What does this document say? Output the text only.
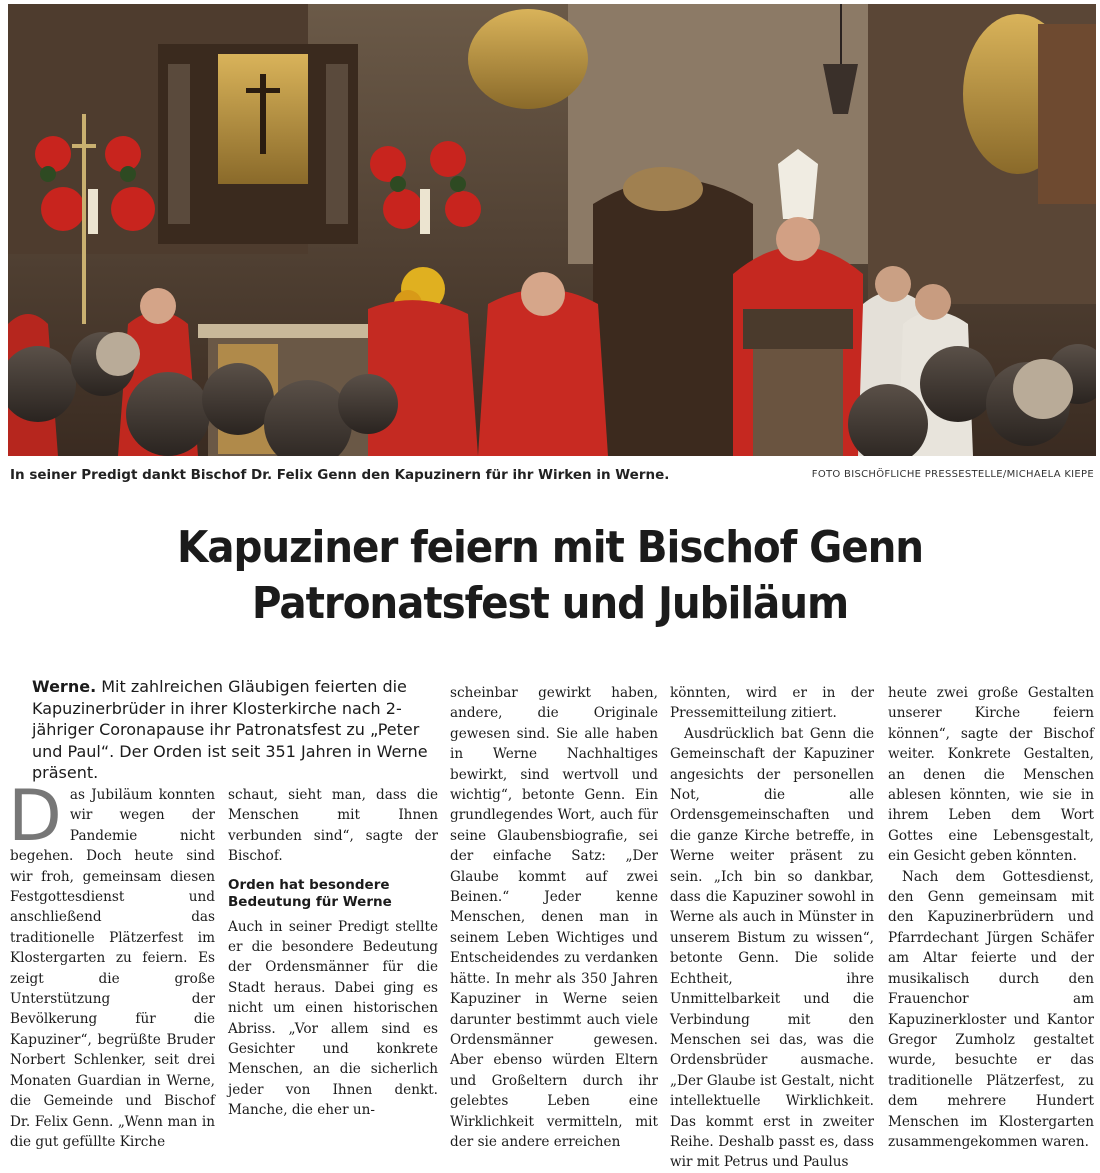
In seiner Predigt dankt Bischof Dr. Felix Genn den Kapuzinern für ihr Wirken in Werne.	FOTO BISCHÖFLICHE PRESSESTELLE/MICHAELA KIEPE
Kapuziner feiern mit Bischof Genn
Patronatsfest und Jubiläum
Werne. Mit zahlreichen Gläubigen feierten die Kapuzinerbrüder in ihrer Klosterkirche nach 2-jähriger Coronapause ihr Patronatsfest zu „Peter und Paul“. Der Orden ist seit 351 Jahren in Werne präsent.

Das Jubiläum konnten wir wegen der Pandemie nicht begehen. Doch heute sind wir froh, gemeinsam diesen Festgottesdienst und anschließend das traditionelle Plätzerfest im Klostergarten zu feiern. Es zeigt die große Unterstützung der Bevölkerung für die Kapuziner“, begrüßte Bruder Norbert Schlenker, seit drei Monaten Guardian in Werne, die Gemeinde und Bischof Dr. Felix Genn. „Wenn man in die gut gefüllte Kirche

schaut, sieht man, dass die Menschen mit Ihnen verbunden sind“, sagte der Bischof.

Orden hat besondere Bedeutung für Werne

Auch in seiner Predigt stellte er die besondere Bedeutung der Ordensmänner für die Stadt heraus. Dabei ging es nicht um einen historischen Abriss. „Vor allem sind es Gesichter und konkrete Menschen, an die sicherlich jeder von Ihnen denkt. Manche, die eher un-

scheinbar gewirkt haben, andere, die Originale gewesen sind. Sie alle haben in Werne Nachhaltiges bewirkt, sind wertvoll und wichtig“, betonte Genn. Ein grundlegendes Wort, auch für seine Glaubensbiografie, sei der einfache Satz: „Der Glaube kommt auf zwei Beinen.“ Jeder kenne Menschen, denen man in seinem Leben Wichtiges und Entscheidendes zu verdanken hätte. In mehr als 350 Jahren Kapuziner in Werne seien darunter bestimmt auch viele Ordensmänner gewesen. Aber ebenso würden Eltern und Großeltern durch ihr gelebtes Leben eine Wirklichkeit vermitteln, mit der sie andere erreichen

könnten, wird er in der Pressemitteilung zitiert.

Ausdrücklich bat Genn die Gemeinschaft der Kapuziner angesichts der personellen Not, die alle Ordensgemeinschaften und die ganze Kirche betreffe, in Werne weiter präsent zu sein. „Ich bin so dankbar, dass die Kapuziner sowohl in Werne als auch in Münster in unserem Bistum zu wissen“, betonte Genn. Die solide Echtheit, ihre Unmittelbarkeit und die Verbindung mit den Menschen sei das, was die Ordensbrüder ausmache. „Der Glaube ist Gestalt, nicht intellektuelle Wirklichkeit. Das kommt erst in zweiter Reihe. Deshalb passt es, dass wir mit Petrus und Paulus

heute zwei große Gestalten unserer Kirche feiern können“, sagte der Bischof weiter. Konkrete Gestalten, an denen die Menschen ablesen könnten, wie sie in ihrem Leben dem Wort Gottes eine Lebensgestalt, ein Gesicht geben könnten.

Nach dem Gottesdienst, den Genn gemeinsam mit den Kapuzinerbrüdern und Pfarrdechant Jürgen Schäfer am Altar feierte und der musikalisch durch den Frauenchor am Kapuzinerkloster und Kantor Gregor Zumholz gestaltet wurde, besuchte er das traditionelle Plätzerfest, zu dem mehrere Hundert Menschen im Klostergarten zusammengekommen waren.
